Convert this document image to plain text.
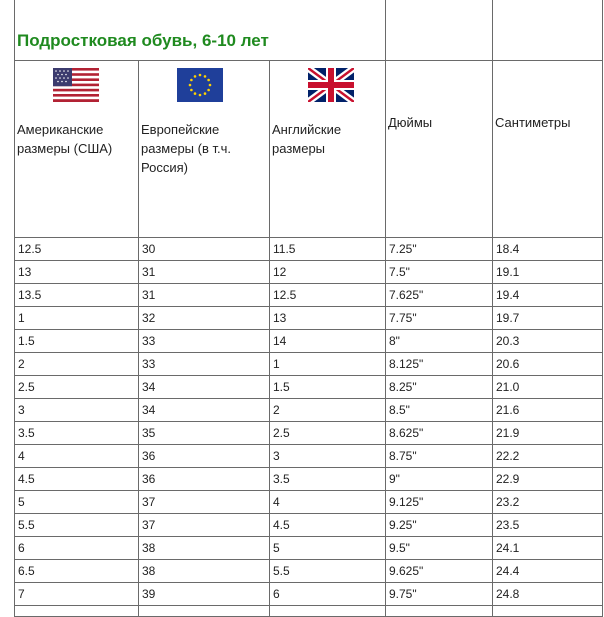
Подростковая обувь, 6-10 лет				

Американские размеры (США)	Европейские размеры (в т.ч. Россия)	Английские размеры	Дюймы	Сантиметры
12.5	30	11.5	7.25"	18.4
13	31	12	7.5"	19.1
13.5	31	12.5	7.625"	19.4
1	32	13	7.75"	19.7
1.5	33	14	8"	20.3
2	33	1	8.125"	20.6
2.5	34	1.5	8.25"	21.0
3	34	2	8.5"	21.6
3.5	35	2.5	8.625"	21.9
4	36	3	8.75"	22.2
4.5	36	3.5	9"	22.9
5	37	4	9.125"	23.2
5.5	37	4.5	9.25"	23.5
6	38	5	9.5"	24.1
6.5	38	5.5	9.625"	24.4
7	39	6	9.75"	24.8
